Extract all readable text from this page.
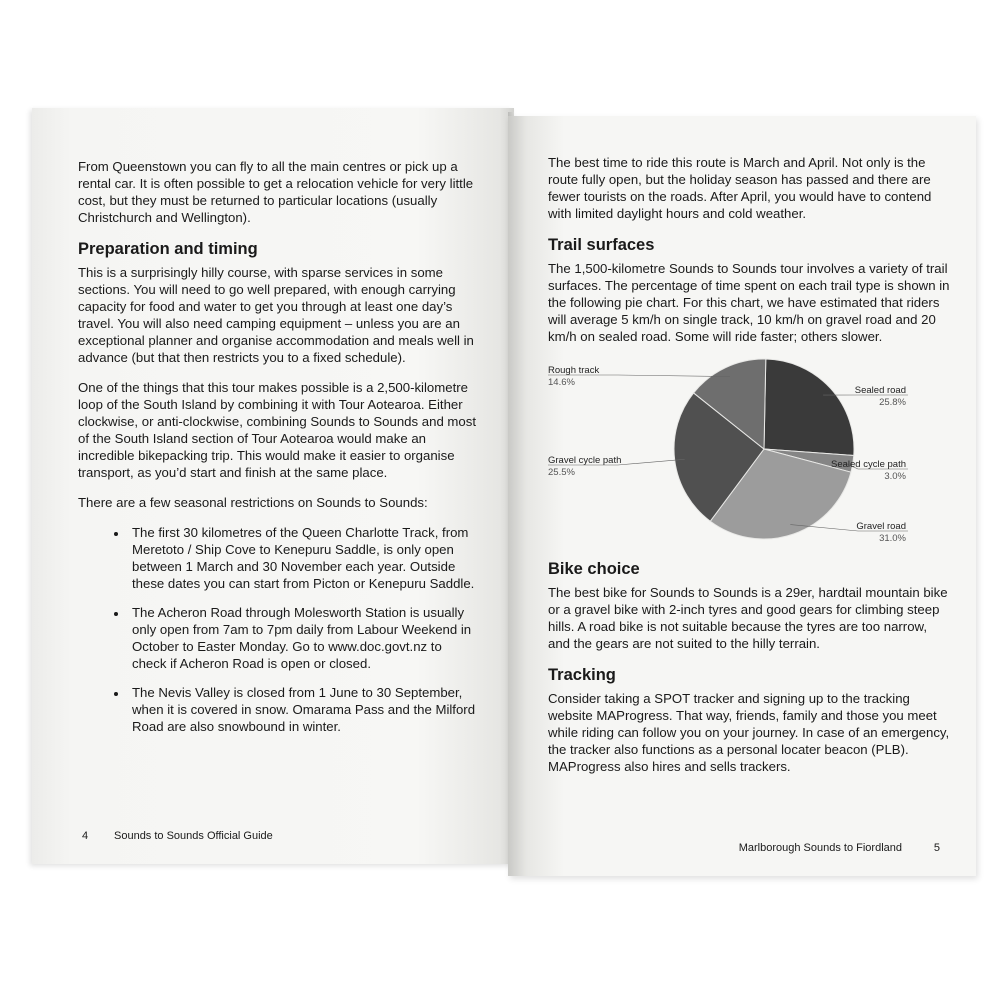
From Queenstown you can fly to all the main centres or pick up a rental car. It is often possible to get a relocation vehicle for very little cost, but they must be returned to particular locations (usually Christchurch and Wellington).

Preparation and timing

This is a surprisingly hilly course, with sparse services in some sections. You will need to go well prepared, with enough carrying capacity for food and water to get you through at least one day’s travel. You will also need camping equipment – unless you are an exceptional planner and organise accommodation and meals well in advance (but that then restricts you to a fixed schedule).

One of the things that this tour makes possible is a 2,500-kilometre loop of the South Island by combining it with Tour Aotearoa. Either clockwise, or anti-clockwise, combining Sounds to Sounds and most of the South Island section of Tour Aotearoa would make an incredible bikepacking trip. This would make it easier to organise transport, as you’d start and finish at the same place.

There are a few seasonal restrictions on Sounds to Sounds:

• The first 30 kilometres of the Queen Charlotte Track, from Meretoto / Ship Cove to Kenepuru Saddle, is only open between 1 March and 30 November each year. Outside these dates you can start from Picton or Kenepuru Saddle.
• The Acheron Road through Molesworth Station is usually only open from 7am to 7pm daily from Labour Weekend in October to Easter Monday. Go to www.doc.govt.nz to check if Acheron Road is open or closed.
• The Nevis Valley is closed from 1 June to 30 September, when it is covered in snow. Omarama Pass and the Milford Road are also snowbound in winter.
4 Sounds to Sounds Official Guide

The best time to ride this route is March and April. Not only is the route fully open, but the holiday season has passed and there are fewer tourists on the roads. After April, you would have to contend with limited daylight hours and cold weather.

Trail surfaces

The 1,500-kilometre Sounds to Sounds tour involves a variety of trail surfaces. The percentage of time spent on each trail type is shown in the following pie chart. For this chart, we have estimated that riders will average 5 km/h on single track, 10 km/h on gravel road and 20 km/h on sealed road. Some will ride faster; others slower.

Rough track
14.6%
Sealed road
25.8%
Sealed cycle path
3.0%
Gravel road
31.0%
Gravel cycle path
25.5%
Bike choice

The best bike for Sounds to Sounds is a 29er, hardtail mountain bike or a gravel bike with 2-inch tyres and good gears for climbing steep hills. A road bike is not suitable because the tyres are too narrow, and the gears are not suited to the hilly terrain.

Tracking

Consider taking a SPOT tracker and signing up to the tracking website MAProgress. That way, friends, family and those you meet while riding can follow you on your journey. In case of an emergency, the tracker also functions as a personal locater beacon (PLB). MAProgress also hires and sells trackers.

Marlborough Sounds to Fiordland	5
